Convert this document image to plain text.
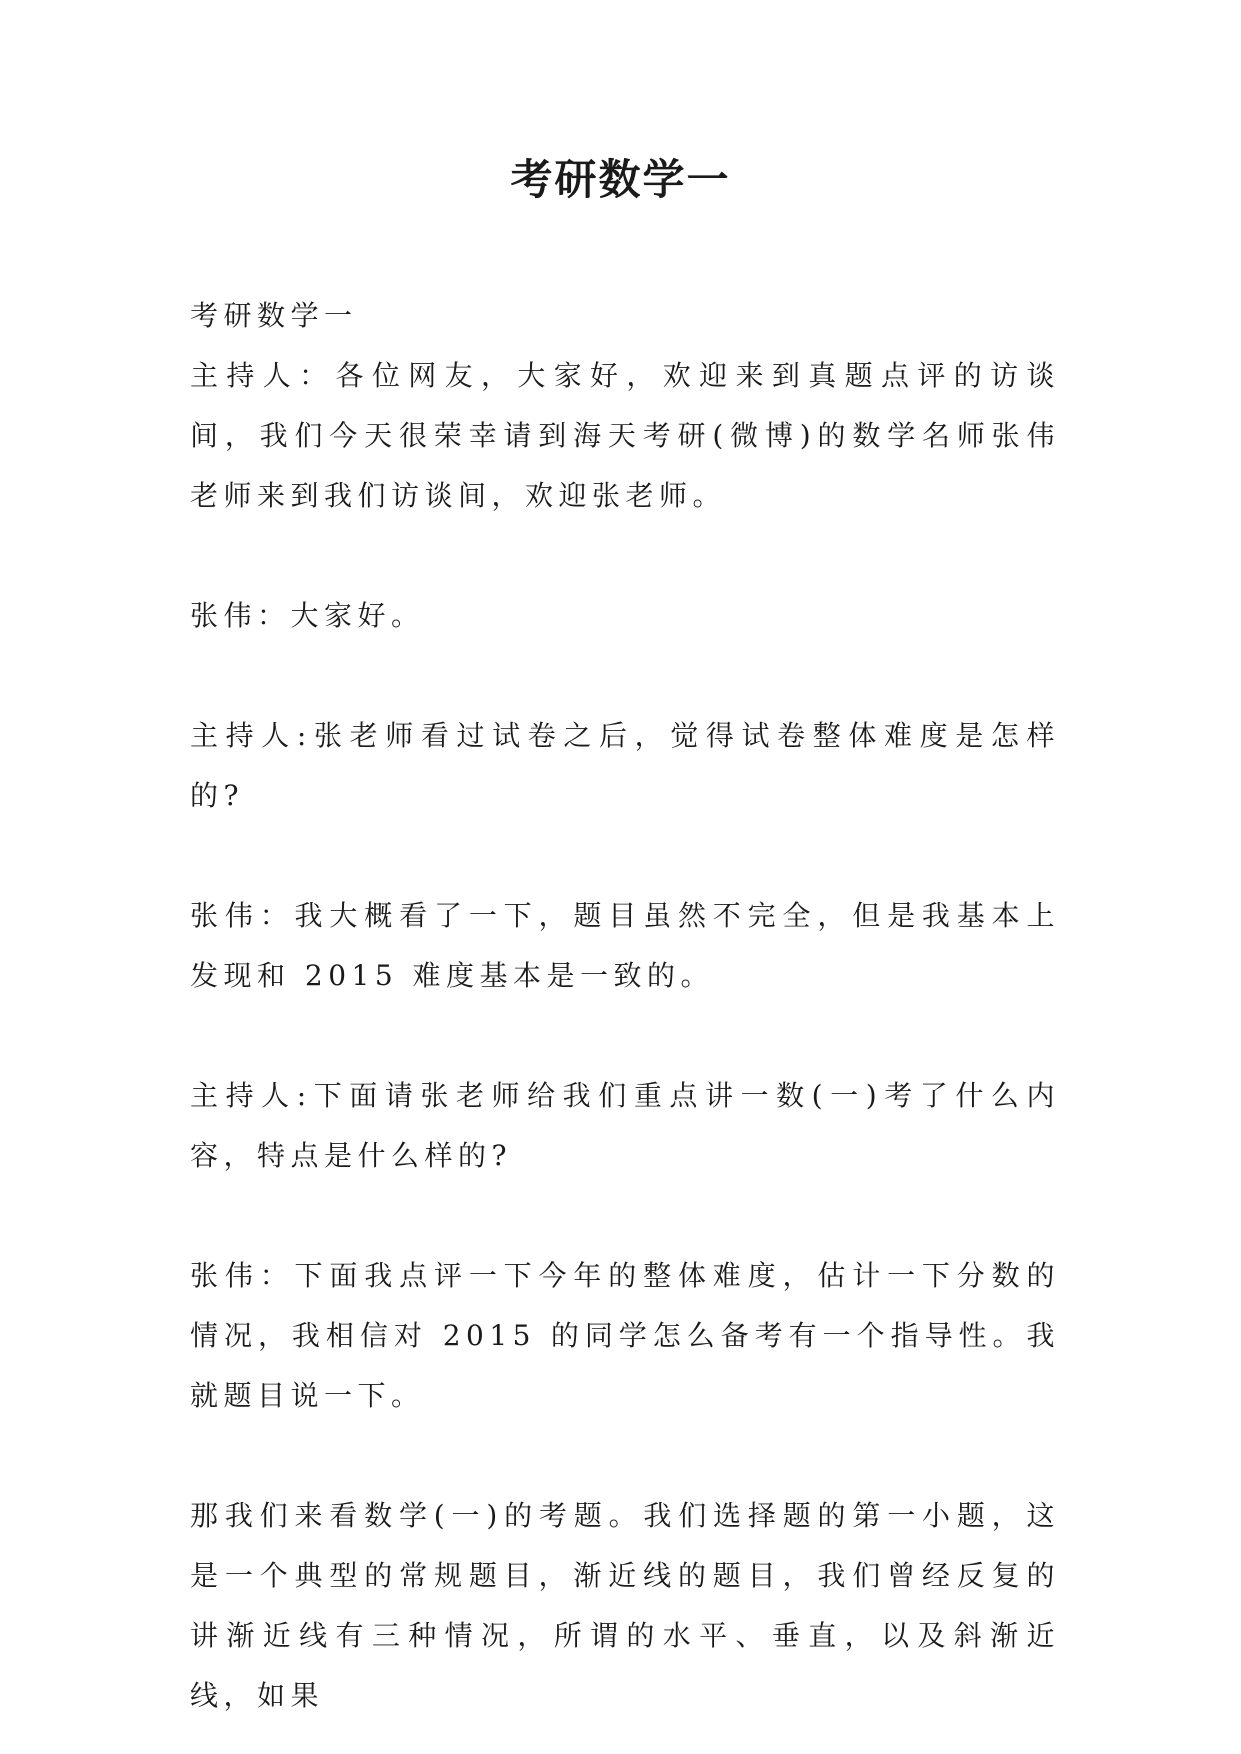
考研数学一

考研数学一

主持人：各位网友，大家好，欢迎来到真题点评的访谈间，我们今天很荣幸请到海天考研(微博)的数学名师张伟老师来到我们访谈间，欢迎张老师。

张伟：大家好。

主持人:张老师看过试卷之后，觉得试卷整体难度是怎样的?

张伟：我大概看了一下，题目虽然不完全，但是我基本上发现和 2015 难度基本是一致的。

主持人:下面请张老师给我们重点讲一数(一)考了什么内容，特点是什么样的?

张伟：下面我点评一下今年的整体难度，估计一下分数的情况，我相信对 2015 的同学怎么备考有一个指导性。我就题目说一下。

那我们来看数学(一)的考题。我们选择题的第一小题，这是一个典型的常规题目，渐近线的题目，我们曾经反复的讲渐近线有三种情况，所谓的水平、垂直，以及斜渐近线，如果
